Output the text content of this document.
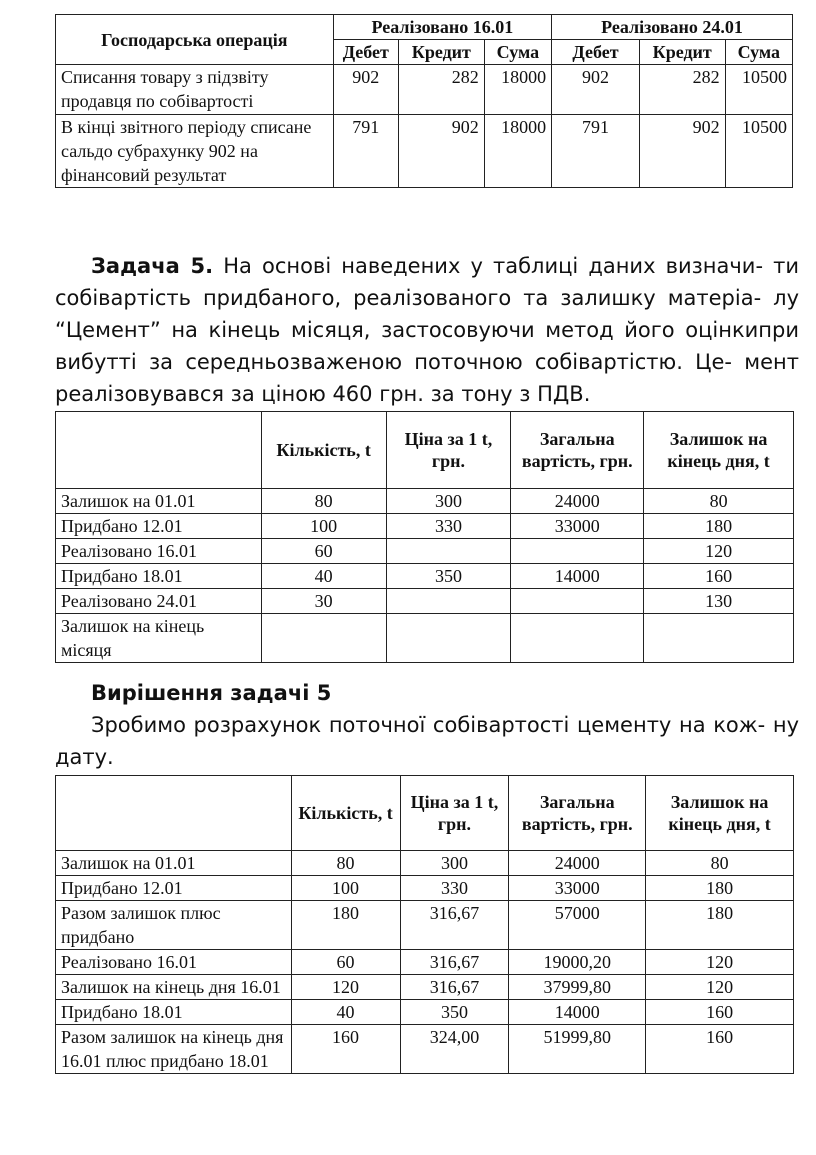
Господарська операція	Реалізовано 16.01			Реалізовано 24.01		
	Дебет	Кредит	Сума	Дебет	Кредит	Сума
Списання товару з підзвіту продавця по собівартості	902	282	18000	902	282	10500
В кінці звітного періоду списане сальдо субрахунку 902 на фінансовий результат	791	902	18000	791	902	10500
Задача 5. На основі наведених у таблиці даних визначи- ти собівартість придбаного, реалізованого та залишку матеріа- лу “Цемент” на кінець місяця, застосовуючи метод його оцінкипри вибутті за середньозваженою поточною собівартістю. Це- мент реалізовувався за ціною 460 грн. за тону з ПДВ.
	Кількість, t	Ціна за 1 t, грн.	Загальна вартість, грн.	Залишок на кінець дня, t
Залишок на 01.01	80	300	24000	80
Придбано 12.01	100	330	33000	180
Реалізовано 16.01	60			120
Придбано 18.01	40	350	14000	160
Реалізовано 24.01	30			130
Залишок на кінець місяця				
Вирішення задачі 5
Зробимо розрахунок поточної собівартості цементу на кож- ну дату.
	Кількість, t	Ціна за 1 t, грн.	Загальна вартість, грн.	Залишок на кінець дня, t
Залишок на 01.01	80	300	24000	80
Придбано 12.01	100	330	33000	180
Разом залишок плюс придбано	180	316,67	57000	180
Реалізовано 16.01	60	316,67	19000,20	120
Залишок на кінець дня 16.01	120	316,67	37999,80	120
Придбано 18.01	40	350	14000	160
Разом залишок на кінець дня 16.01 плюс придбано 18.01	160	324,00	51999,80	160
